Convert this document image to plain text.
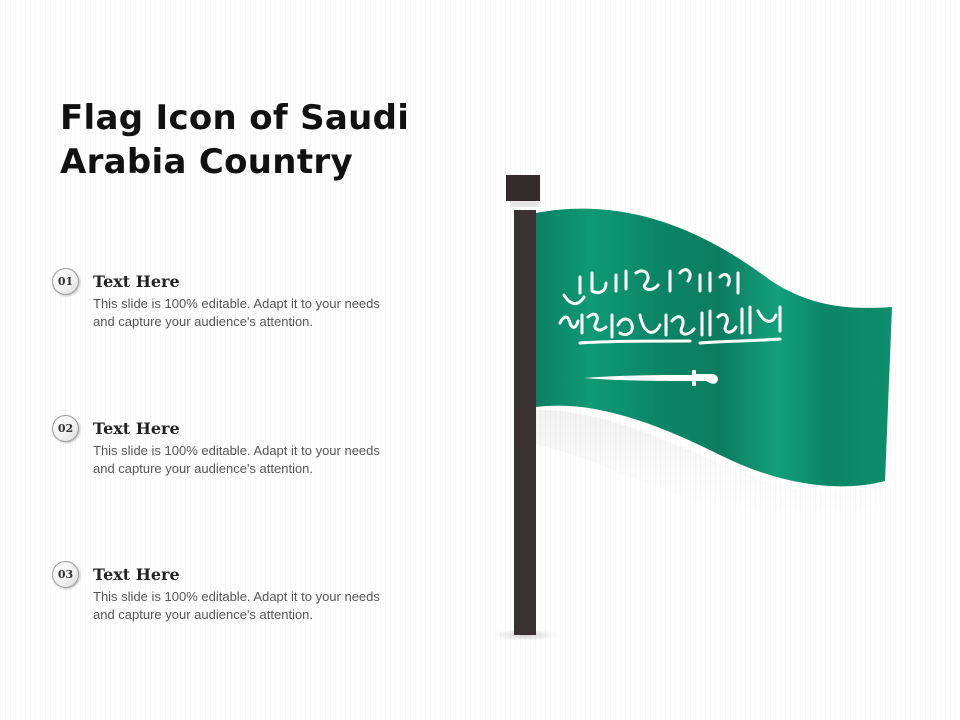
Flag Icon of Saudi Arabia Country
01	Text Here

This slide is 100% editable. Adapt it to your needs and capture your audience's attention.

02	Text Here

This slide is 100% editable. Adapt it to your needs and capture your audience's attention.

03	Text Here

This slide is 100% editable. Adapt it to your needs and capture your audience's attention.
